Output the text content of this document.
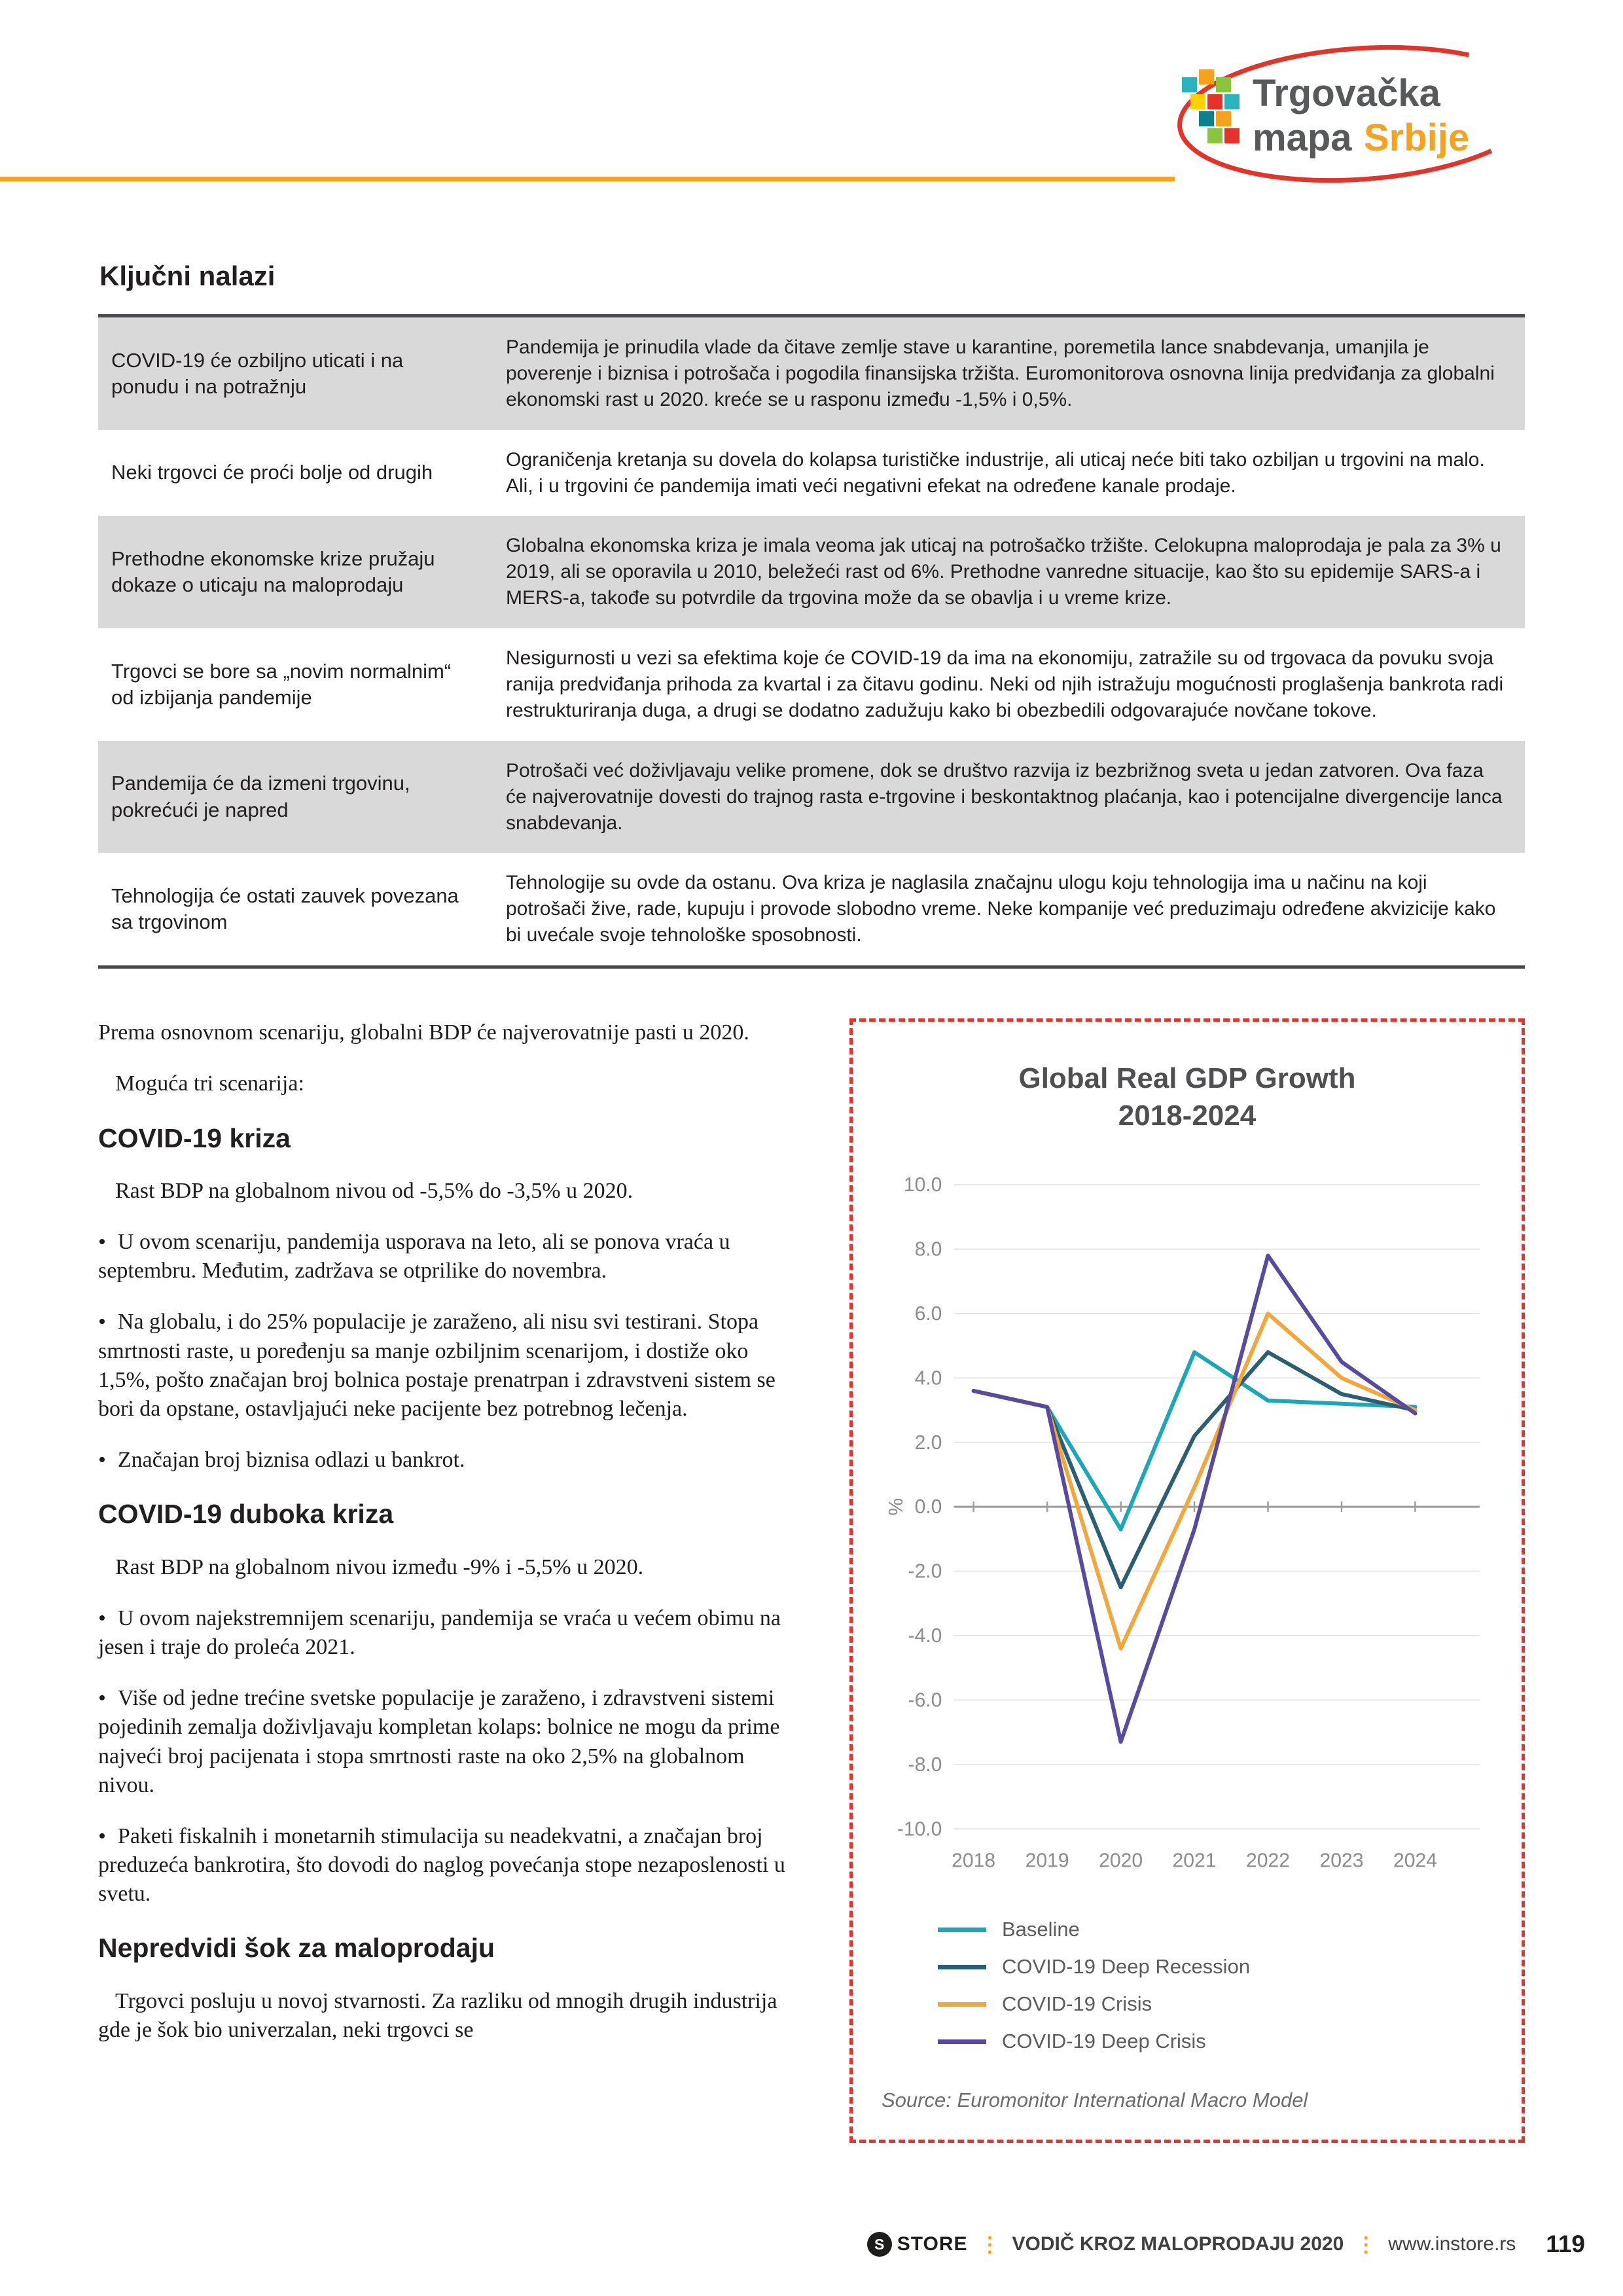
Trgovačka
mapa Srbije
Ključni nalazi
COVID-19 će ozbiljno uticati i na ponudu i na potražnju
Pandemija je prinudila vlade da čitave zemlje stave u karantine, poremetila lance snabdevanja, umanjila je poverenje i biznisa i potrošača i pogodila finansijska tržišta. Euromonitorova osnovna linija predviđanja za globalni ekonomski rast u 2020. kreće se u rasponu između -1,5% i 0,5%.
Neki trgovci će proći bolje od drugih
Ograničenja kretanja su dovela do kolapsa turističke industrije, ali uticaj neće biti tako ozbiljan u trgovini na malo. Ali, i u trgovini će pandemija imati veći negativni efekat na određene kanale prodaje.
Prethodne ekonomske krize pružaju dokaze o uticaju na maloprodaju
Globalna ekonomska kriza je imala veoma jak uticaj na potrošačko tržište. Celokupna maloprodaja je pala za 3% u 2019, ali se oporavila u 2010, beležeći rast od 6%. Prethodne vanredne situacije, kao što su epidemije SARS-a i MERS-a, takođe su potvrdile da trgovina može da se obavlja i u vreme krize.
Trgovci se bore sa „novim normalnim“ od izbijanja pandemije
Nesigurnosti u vezi sa efektima koje će COVID-19 da ima na ekonomiju, zatražile su od trgovaca da povuku svoja ranija predviđanja prihoda za kvartal i za čitavu godinu. Neki od njih istražuju mogućnosti proglašenja bankrota radi restrukturiranja duga, a drugi se dodatno zadužuju kako bi obezbedili odgovarajuće novčane tokove.
Pandemija će da izmeni trgovinu, pokrećući je napred
Potrošači već doživljavaju velike promene, dok se društvo razvija iz bezbrižnog sveta u jedan zatvoren. Ova faza će najverovatnije dovesti do trajnog rasta e-trgovine i beskontaktnog plaćanja, kao i potencijalne divergencije lanca snabdevanja.
Tehnologija će ostati zauvek povezana sa trgovinom
Tehnologije su ovde da ostanu. Ova kriza je naglasila značajnu ulogu koju tehnologija ima u načinu na koji potrošači žive, rade, kupuju i provode slobodno vreme. Neke kompanije već preduzimaju određene akvizicije kako bi uvećale svoje tehnološke sposobnosti.
Prema osnovnom scenariju, globalni BDP će najverovatnije pasti u 2020.
Moguća tri scenarija:
COVID-19 kriza
Rast BDP na globalnom nivou od -5,5% do -3,5% u 2020.
• U ovom scenariju, pandemija usporava na leto, ali se ponova vraća u septembru. Međutim, zadržava se otprilike do novembra.
• Na globalu, i do 25% populacije je zaraženo, ali nisu svi testirani. Stopa smrtnosti raste, u poređenju sa manje ozbiljnim scenarijom, i dostiže oko 1,5%, pošto značajan broj bolnica postaje prenatrpan i zdravstveni sistem se bori da opstane, ostavljajući neke pacijente bez potrebnog lečenja.
• Značajan broj biznisa odlazi u bankrot.
COVID-19 duboka kriza
Rast BDP na globalnom nivou između -9% i -5,5% u 2020.
• U ovom najekstremnijem scenariju, pandemija se vraća u većem obimu na jesen i traje do proleća 2021.
• Više od jedne trećine svetske populacije je zaraženo, i zdravstveni sistemi pojedinih zemalja doživljavaju kompletan kolaps: bolnice ne mogu da prime najveći broj pacijenata i stopa smrtnosti raste na oko 2,5% na globalnom nivou.
• Paketi fiskalnih i monetarnih stimulacija su neadekvatni, a značajan broj preduzeća bankrotira, što dovodi do naglog povećanja stope nezaposlenosti u svetu.
Nepredvidi šok za maloprodaju
Trgovci posluju u novoj stvarnosti. Za razliku od mnogih drugih industrija gde je šok bio univerzalan, neki trgovci se
Global Real GDP Growth 2018-2024
10.0
8.0
6.0
4.0
2.0
0.0
-2.0
-4.0
-6.0
-8.0
-10.0
2018 2019 2020 2021 2022 2023 2024
%
Baseline
COVID-19 Deep Recession
COVID-19 Crisis
COVID-19 Deep Crisis
Source: Euromonitor International Macro Model
S STORE ⋮ VODIČ KROZ MALOPRODAJU 2020 ⋮ www.instore.rs 119
